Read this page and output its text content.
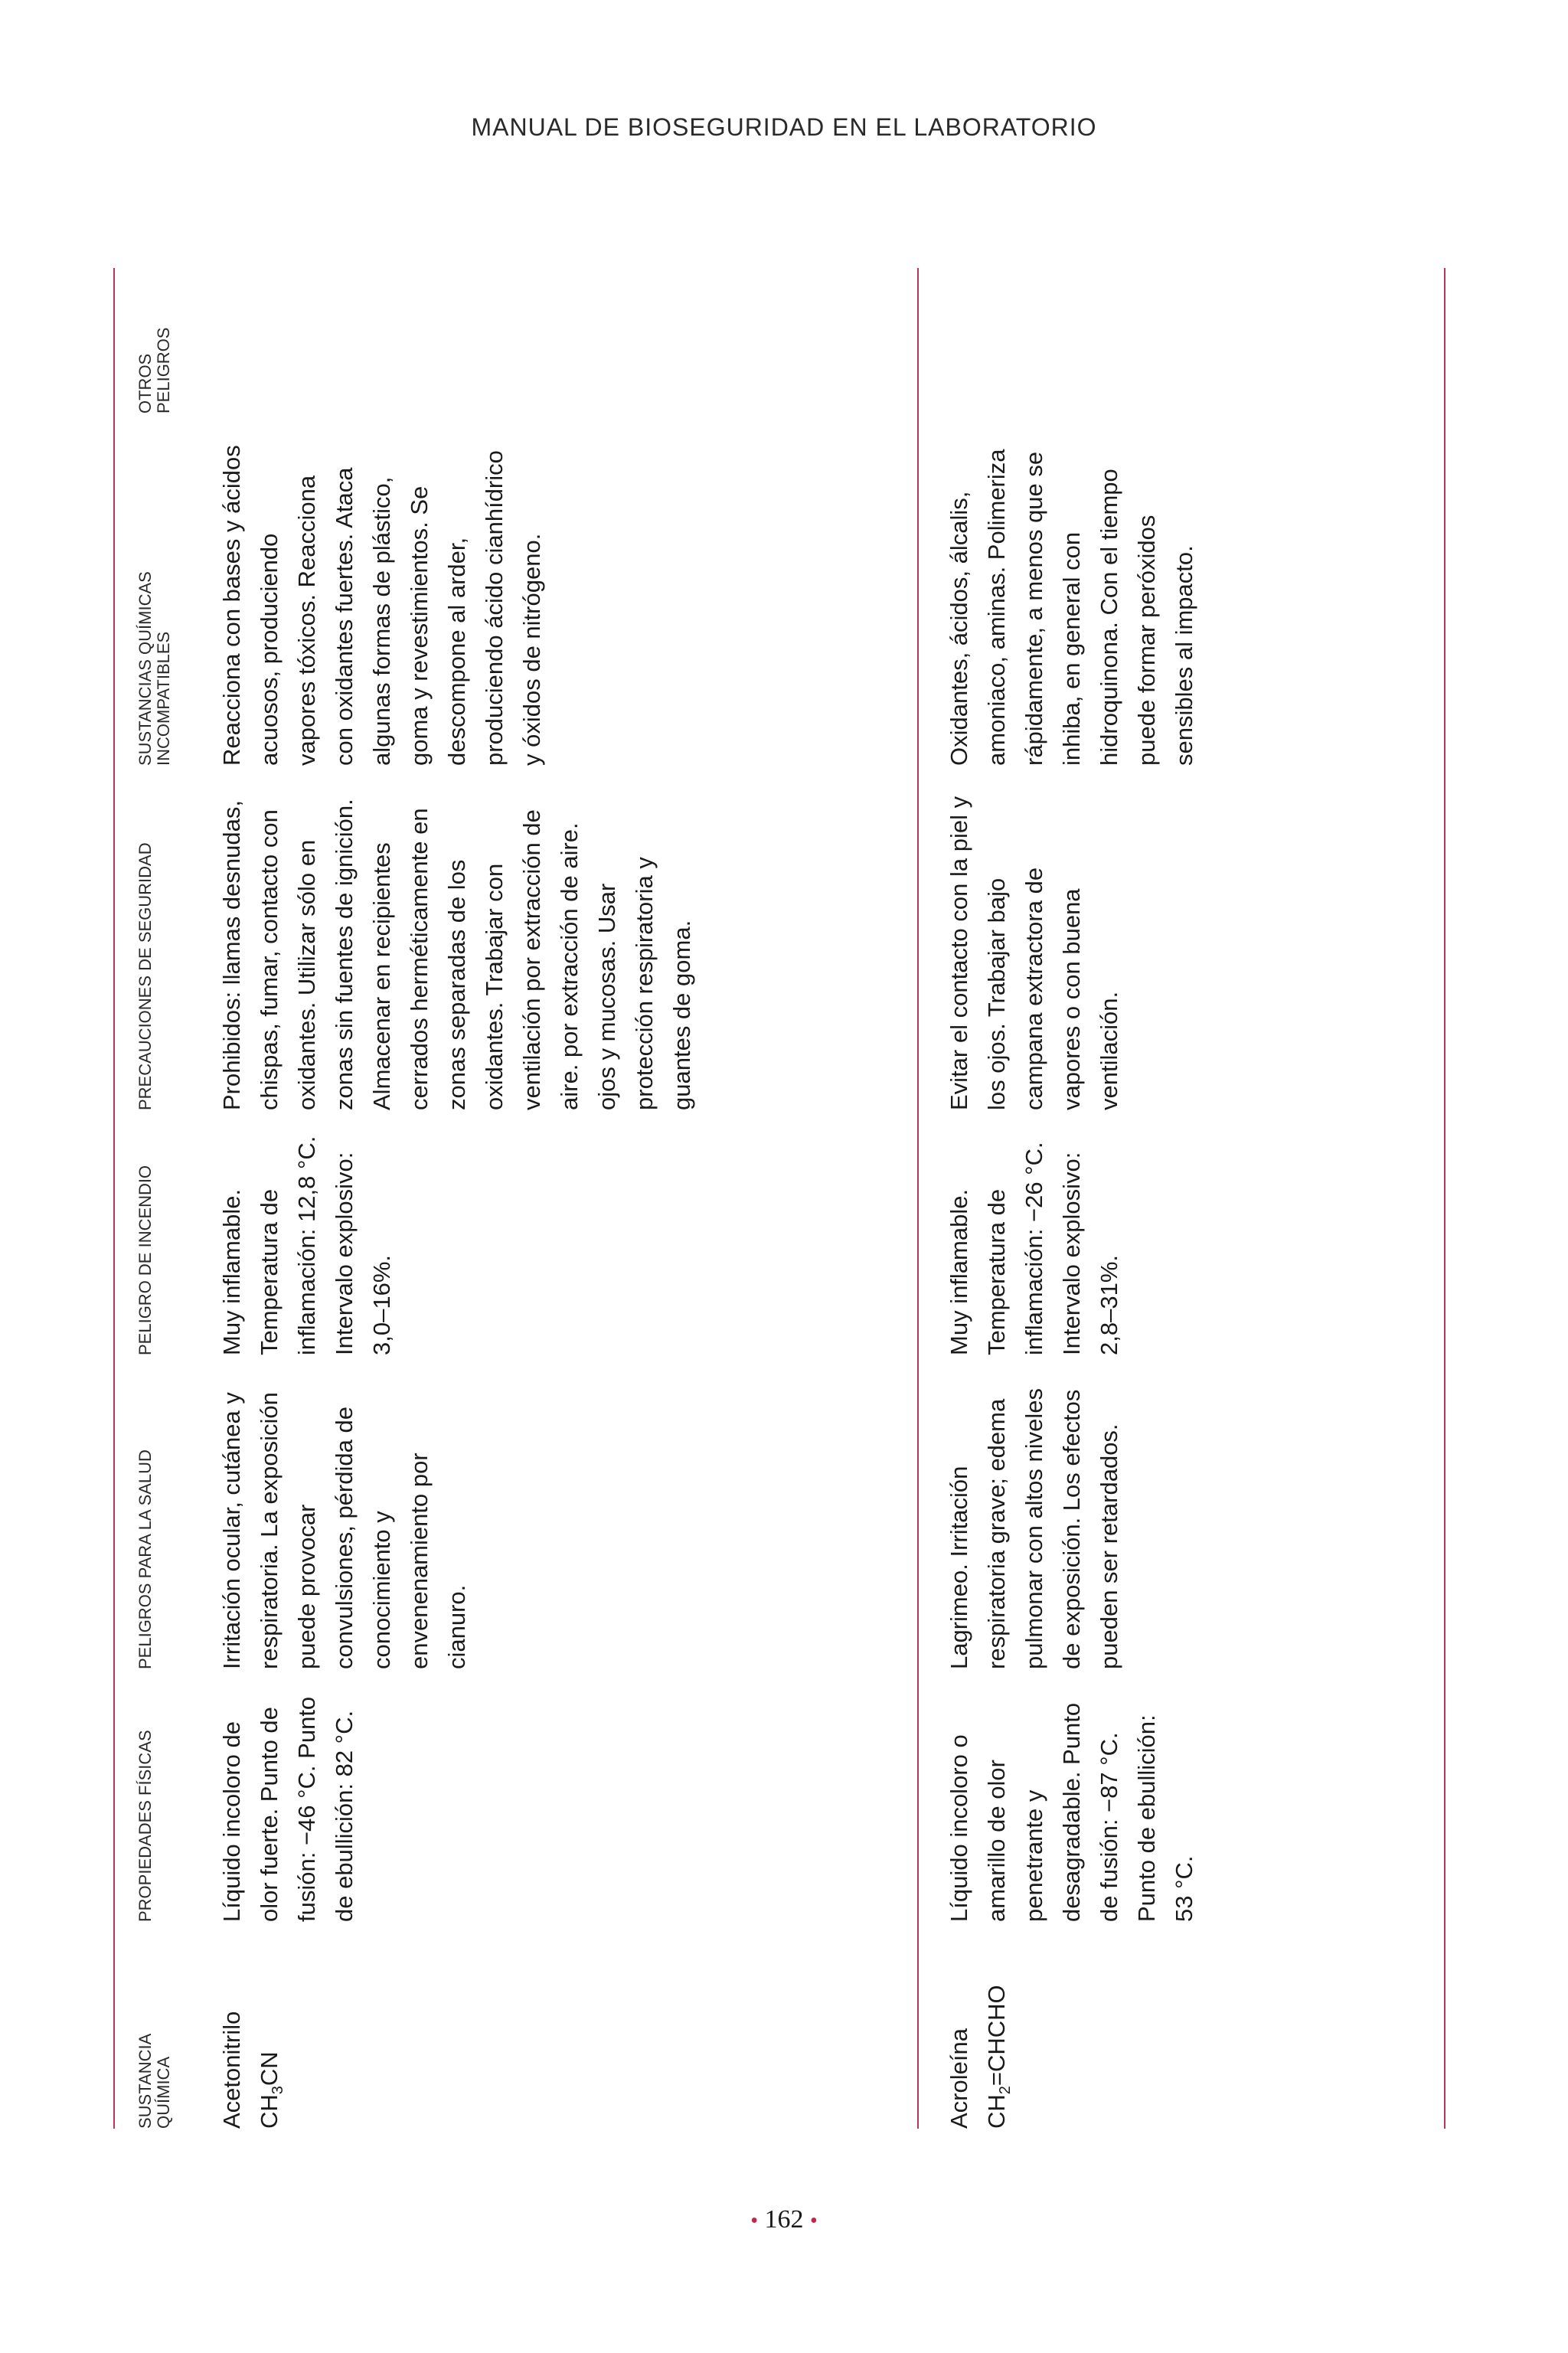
MANUAL DE BIOSEGURIDAD EN EL LABORATORIO
SUSTANCIA QUÍMICA
PROPIEDADES FÍSICAS
PELIGROS PARA LA SALUD
PELIGRO DE INCENDIO
PRECAUCIONES DE SEGURIDAD
OTROS PELIGROS
SUSTANCIAS QUÍMICAS INCOMPATIBLES
Acetonitrilo $CH_3CN$
Líquido incoloro de olor fuerte. Punto de fusión: −46 °C. Punto de ebullición: 82 °C.
Irritación ocular, cutánea y respiratoria. La exposición puede provocar convulsiones, pérdida de conocimiento y envenenamiento por cianuro.
Muy inflamable. Temperatura de inflamación: 12,8 °C. Intervalo explosivo: 3,0–16%.
Prohibidos: llamas desnudas, chispas, fumar, contacto con oxidantes. Utilizar sólo en zonas sin fuentes de ignición. Almacenar en recipientes cerrados herméticamente en zonas separadas de los oxidantes. Trabajar con ventilación por extracción de aire. por extracción de aire. ojos y mucosas. Usar protección respiratoria y guantes de goma.
Reacciona con bases y ácidos acuosos, produciendo vapores tóxicos. Reacciona con oxidantes fuertes. Ataca algunas formas de plástico, goma y revestimientos. Se descompone al arder, produciendo ácido cianhídrico y óxidos de nitrógeno.
Acroleína $CH_2=CHCHO$
Líquido incoloro o amarillo de olor penetrante y desagradable. Punto de fusión: −87 °C. Punto de ebullición: 53 °C.
Lagrimeo. Irritación respiratoria grave; edema pulmonar con altos niveles de exposición. Los efectos pueden ser retardados.
Muy inflamable. Temperatura de inflamación: −26 °C. Intervalo explosivo: 2,8–31%.
Evitar el contacto con la piel y los ojos. Trabajar bajo campana extractora de vapores o con buena ventilación.
Oxidantes, ácidos, álcalis, amoniaco, aminas. Polimeriza rápidamente, a menos que se inhiba, en general con hidroquinona. Con el tiempo puede formar peróxidos sensibles al impacto.
• 162 •
